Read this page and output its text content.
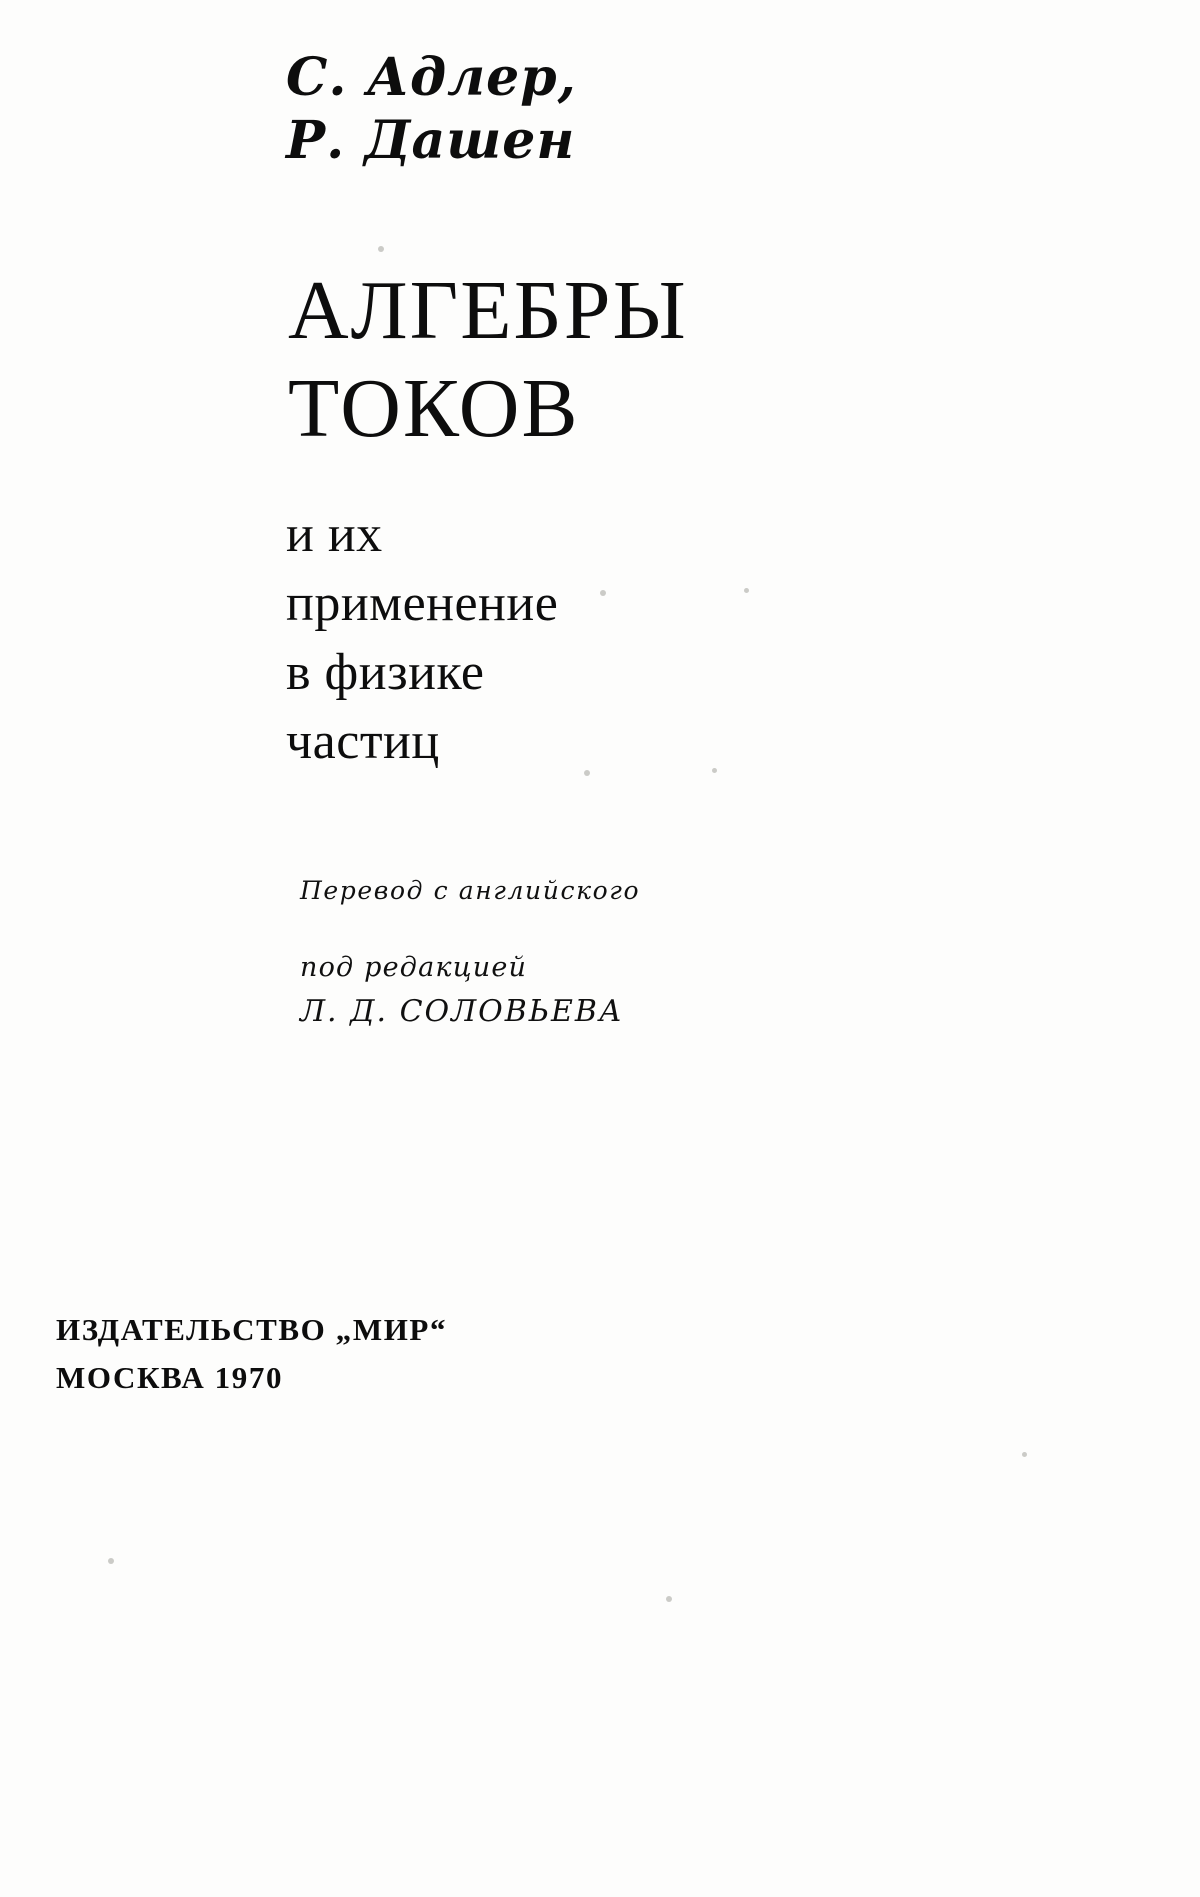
С. Адлер,
Р. Дашен
АЛГЕБРЫ
ТОКОВ
и их
применение
в физике
частиц
Перевод с английского
под редакцией
Л. Д. СОЛОВЬЕВА
ИЗДАТЕЛЬСТВО „МИР“
МОСКВА 1970
